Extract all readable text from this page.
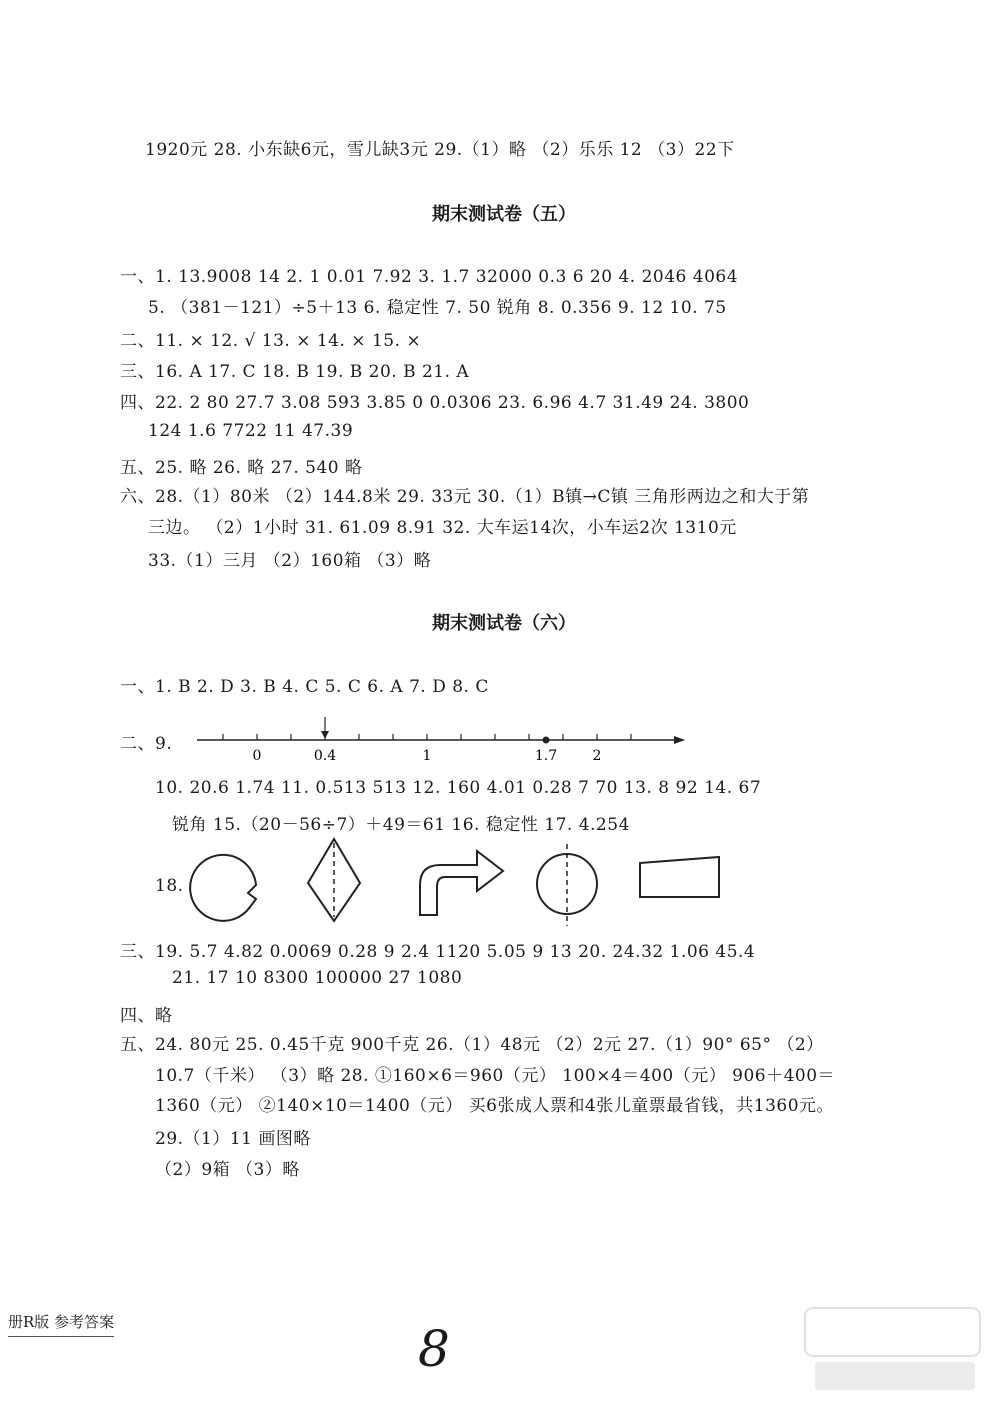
1920元 28. 小东缺6元，雪儿缺3元 29.（1）略 （2）乐乐 12 （3）22下
期末测试卷（五）
一、1. 13.9008 14 2. 1 0.01 7.92 3. 1.7 32000 0.3 6 20 4. 2046 4064
5. （381－121）÷5＋13 6. 稳定性 7. 50 锐角 8. 0.356 9. 12 10. 75
二、11. × 12. √ 13. × 14. × 15. ×
三、16. A 17. C 18. B 19. B 20. B 21. A
四、22. 2 80 27.7 3.08 593 3.85 0 0.0306 23. 6.96 4.7 31.49 24. 3800
124 1.6 7722 11 47.39
五、25. 略 26. 略 27. 540 略
六、28.（1）80米 （2）144.8米 29. 33元 30.（1）B镇→C镇 三角形两边之和大于第
三边。 （2）1小时 31. 61.09 8.91 32. 大车运14次，小车运2次 1310元
33.（1）三月 （2）160箱 （3）略
期末测试卷（六）
一、1. B 2. D 3. B 4. C 5. C 6. A 7. D 8. C
二、9.
0	0.4	1	1.7	2
10. 20.6 1.74 11. 0.513 513 12. 160 4.01 0.28 7 70 13. 8 92 14. 67
锐角 15.（20－56÷7）＋49＝61 16. 稳定性 17. 4.254
18.
三、19. 5.7 4.82 0.0069 0.28 9 2.4 1120 5.05 9 13 20. 24.32 1.06 45.4
21. 17 10 8300 100000 27 1080
四、略
五、24. 80元 25. 0.45千克 900千克 26.（1）48元 （2）2元 27.（1）90° 65° （2）
10.7（千米） （3）略 28. ①160×6＝960（元） 100×4＝400（元） 906＋400＝
1360（元） ②140×10＝1400（元） 买6张成人票和4张儿童票最省钱，共1360元。
29.（1）11 画图略
（2）9箱 （3）略
册R版 参考答案	8
